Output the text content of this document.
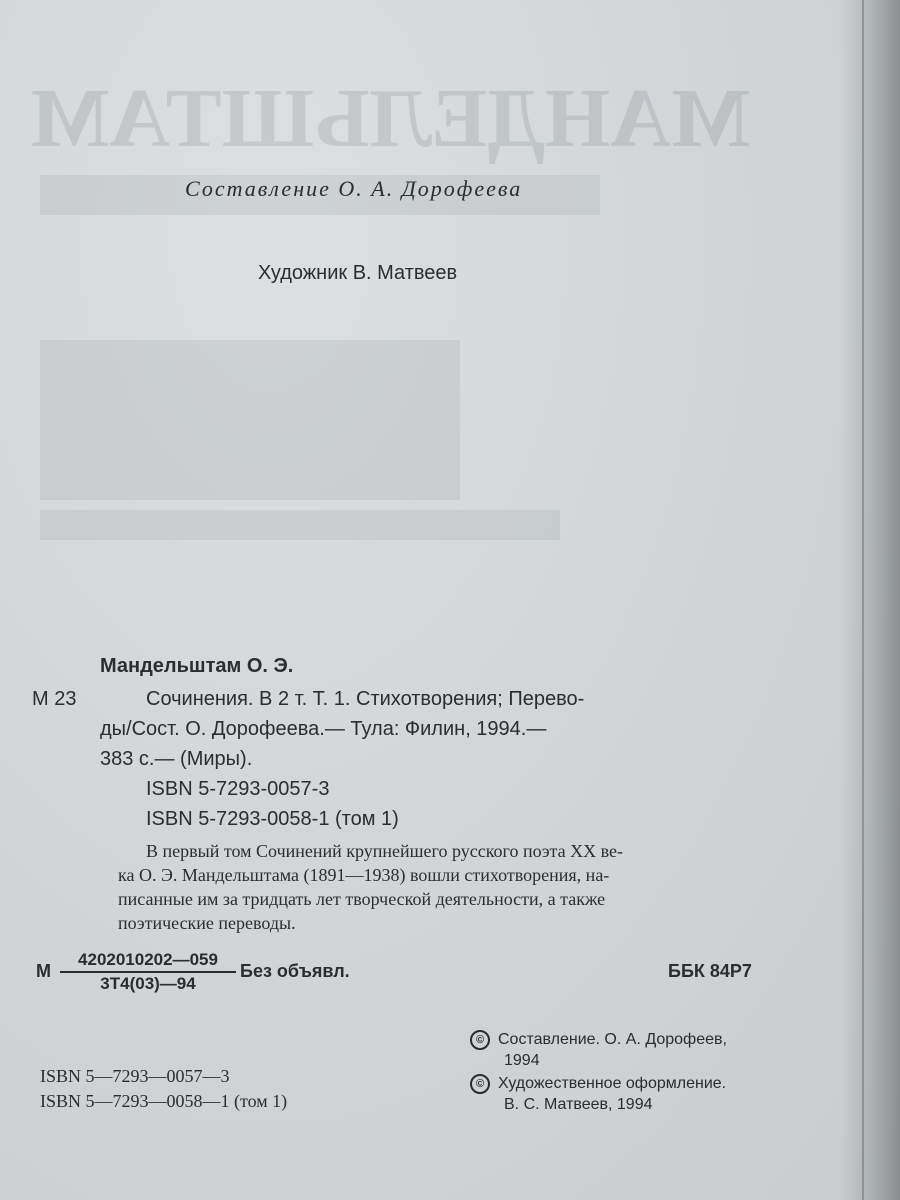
МАНДЕЛЬШТАМ
Составление О. А. Дорофеева
Художник В. Матвеев
Мандельштам О. Э.
М 23	Сочинения. В 2 т. Т. 1. Стихотворения; Перево-
ды/Сост. О. Дорофеева.— Тула: Филин, 1994.—
383 с.— (Миры).
ISBN 5-7293-0057-3
ISBN 5-7293-0058-1 (том 1)
В первый том Сочинений крупнейшего русского поэта XX ве-
ка О. Э. Мандельштама (1891—1938) вошли стихотворения, на-
писанные им за тридцать лет творческой деятельности, а также
поэтические переводы.
М
4202010202—059
3Т4(03)—94
Без объявл.	ББК 84Р7
© Составление. О. А. Дорофеев,
1994
© Художественное оформление.
В. С. Матвеев, 1994
ISBN 5—7293—0057—3
ISBN 5—7293—0058—1 (том 1)
